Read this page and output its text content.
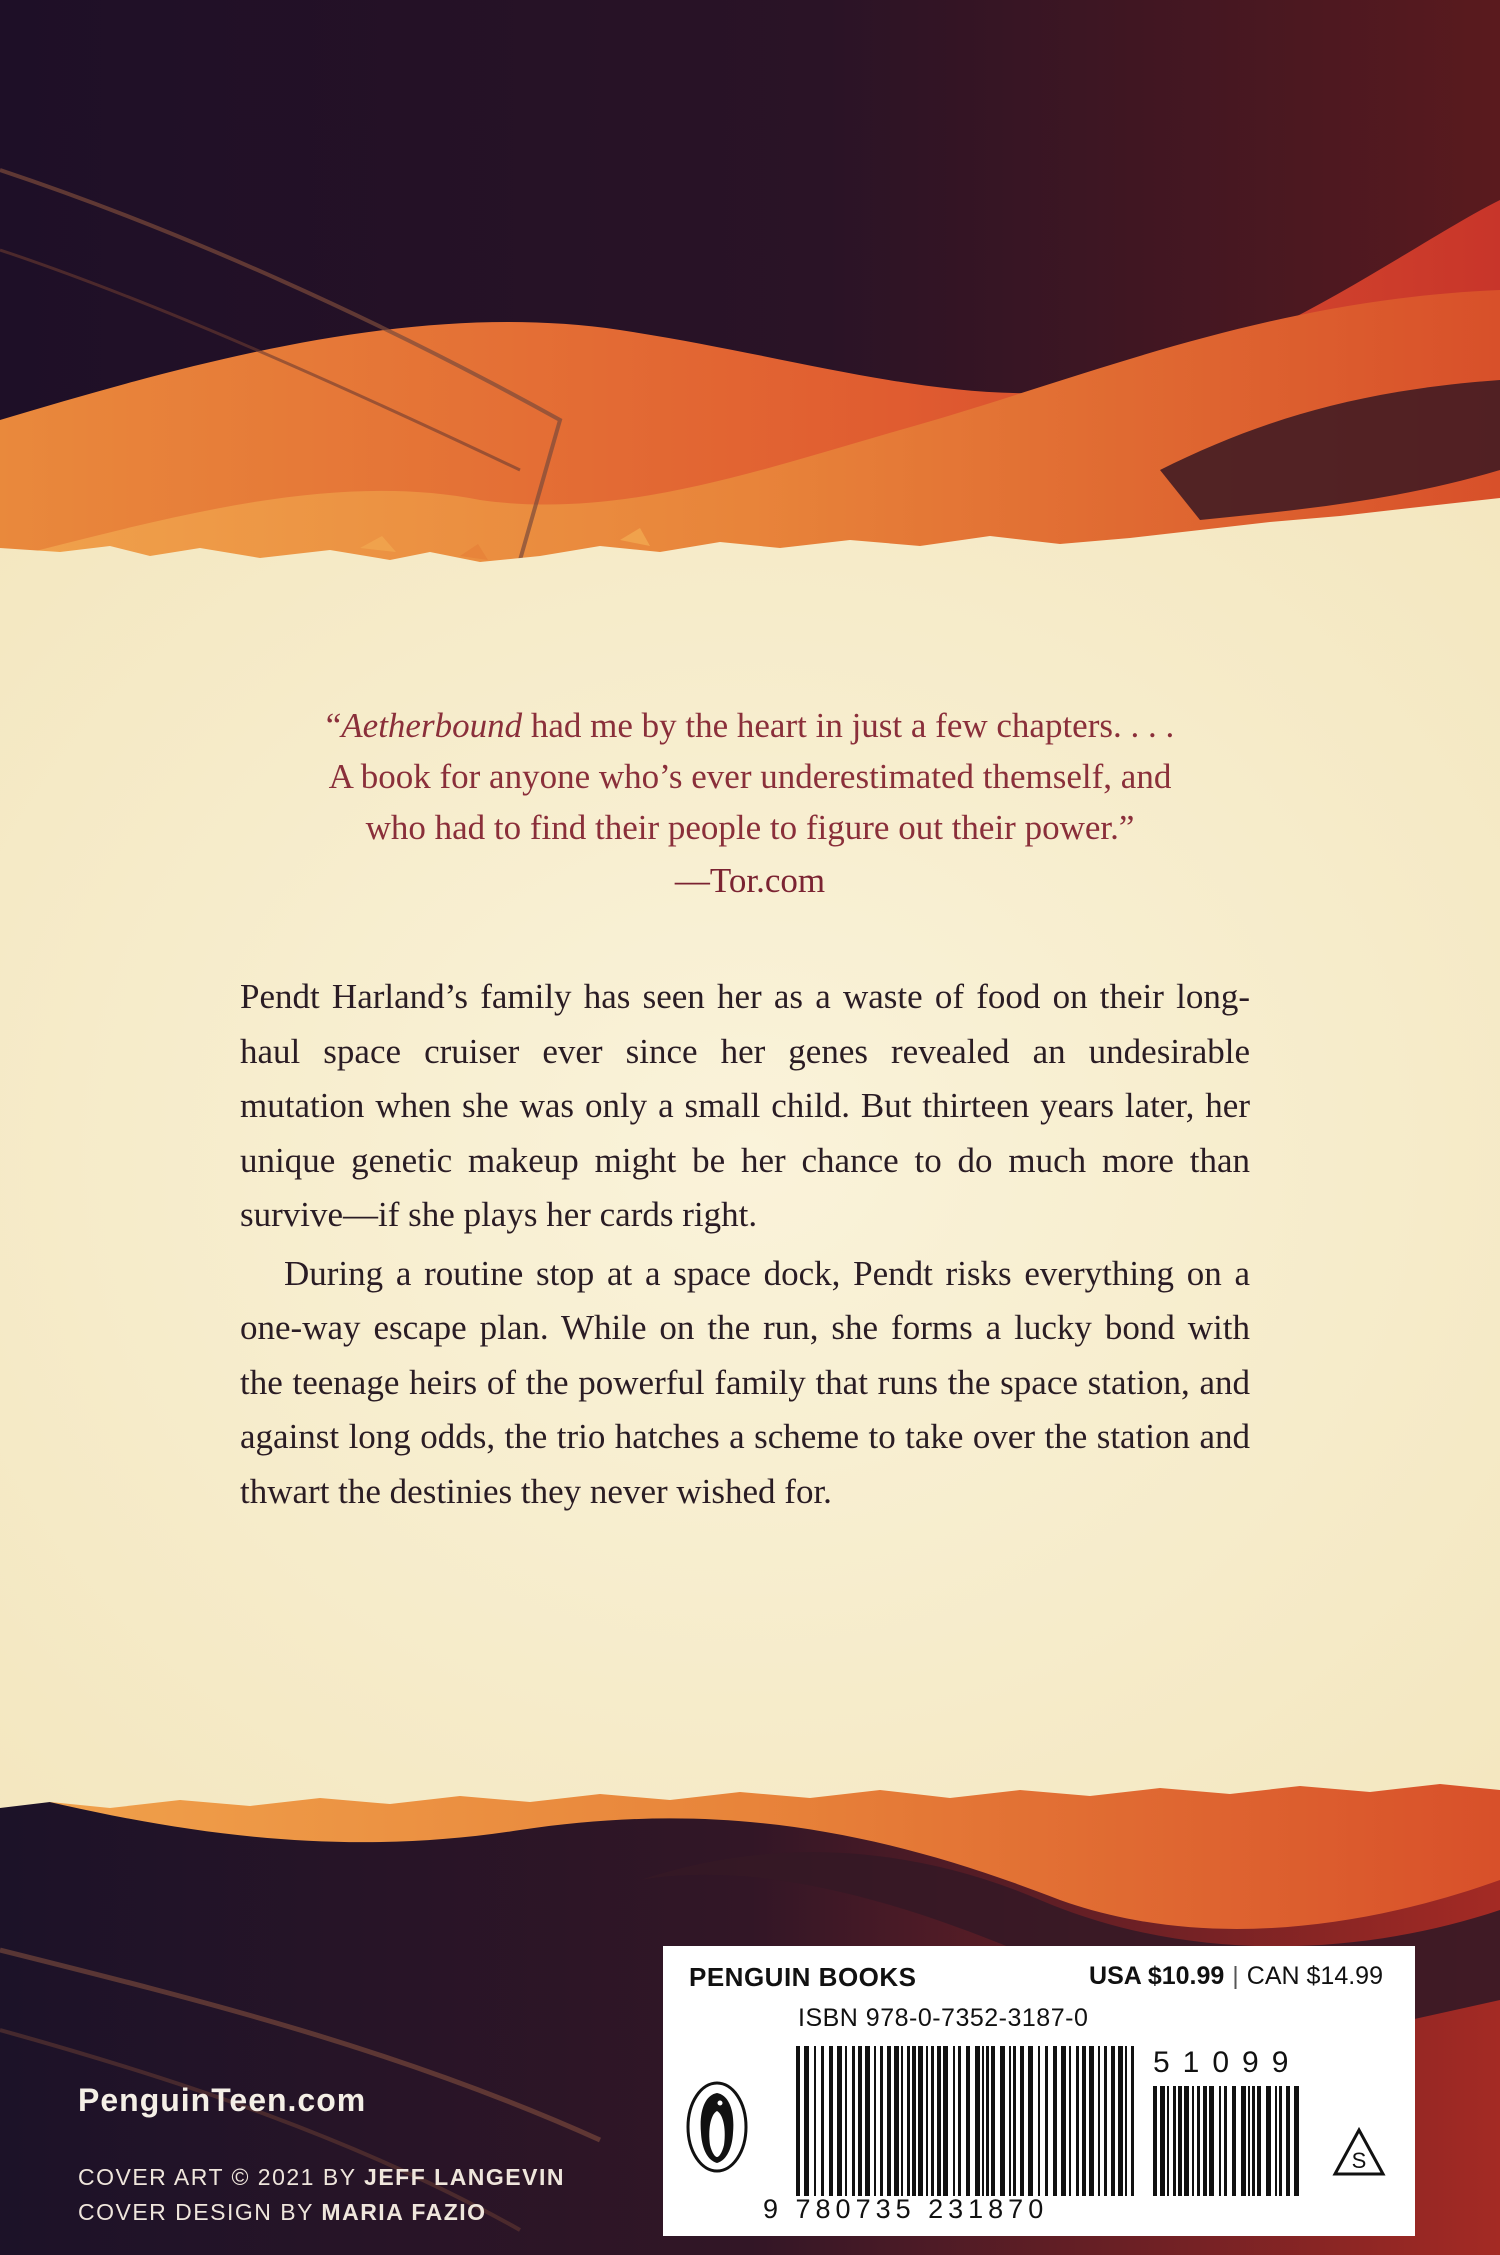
“Aetherbound had me by the heart in just a few chapters. . . .
A book for anyone who’s ever underestimated themself, and
who had to find their people to figure out their power.”
—Tor.com

Pendt Harland’s family has seen her as a waste of food on their long-haul space cruiser ever since her genes revealed an undesirable mutation when she was only a small child. But thirteen years later, her unique genetic makeup might be her chance to do much more than survive—if she plays her cards right.

During a routine stop at a space dock, Pendt risks everything on a one-way escape plan. While on the run, she forms a lucky bond with the teenage heirs of the powerful family that runs the space station, and against long odds, the trio hatches a scheme to take over the station and thwart the destinies they never wished for.

PenguinTeen.com
COVER ART © 2021 BY JEFF LANGEVIN
COVER DESIGN BY MARIA FAZIO
PENGUIN BOOKS	USA $10.99 | CAN $14.99
ISBN 978-0-7352-3187-0
51099
9 780735 231870
S
